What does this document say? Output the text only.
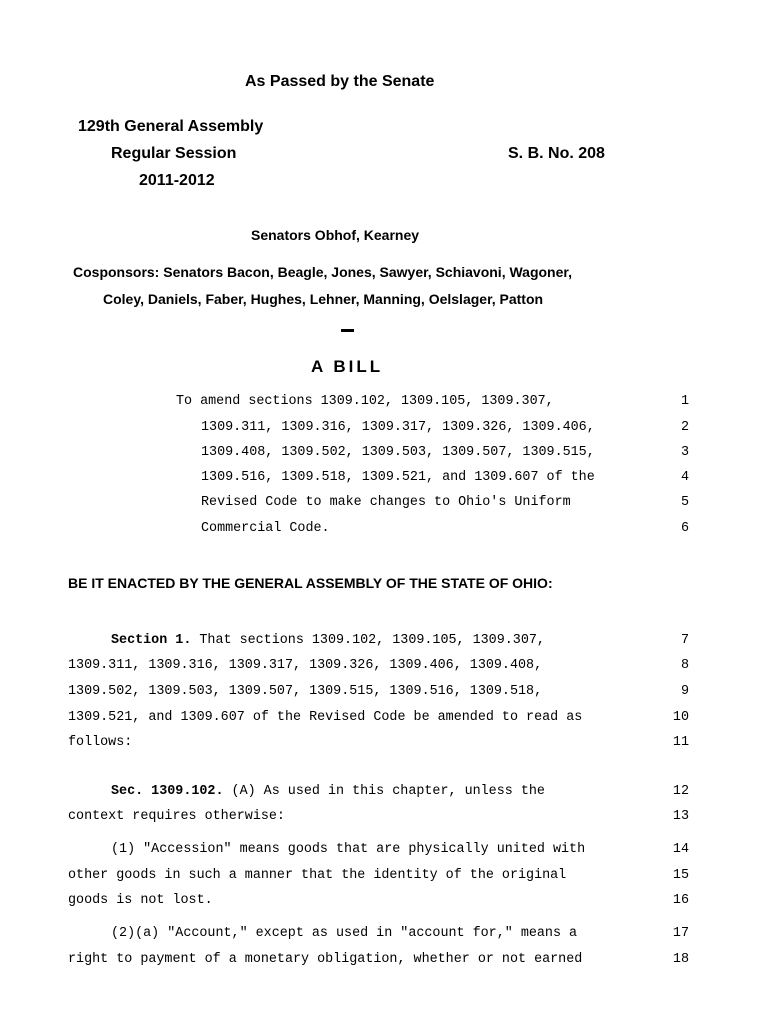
As Passed by the Senate
129th General Assembly
Regular Session	S. B. No. 208
2011-2012
Senators Obhof, Kearney
Cosponsors: Senators Bacon, Beagle, Jones, Sawyer, Schiavoni, Wagoner,
Coley, Daniels, Faber, Hughes, Lehner, Manning, Oelslager, Patton
A BILL
To amend sections 1309.102, 1309.105, 1309.307,	1
1309.311, 1309.316, 1309.317, 1309.326, 1309.406,	2
1309.408, 1309.502, 1309.503, 1309.507, 1309.515,	3
1309.516, 1309.518, 1309.521, and 1309.607 of the	4
Revised Code to make changes to Ohio's Uniform	5
Commercial Code.	6
BE IT ENACTED BY THE GENERAL ASSEMBLY OF THE STATE OF OHIO:
Section 1. That sections 1309.102, 1309.105, 1309.307,	7
1309.311, 1309.316, 1309.317, 1309.326, 1309.406, 1309.408,	8
1309.502, 1309.503, 1309.507, 1309.515, 1309.516, 1309.518,	9
1309.521, and 1309.607 of the Revised Code be amended to read as	10
follows:	11
Sec. 1309.102. (A) As used in this chapter, unless the	12
context requires otherwise:	13
(1) "Accession" means goods that are physically united with	14
other goods in such a manner that the identity of the original	15
goods is not lost.	16
(2)(a) "Account," except as used in "account for," means a	17
right to payment of a monetary obligation, whether or not earned	18
